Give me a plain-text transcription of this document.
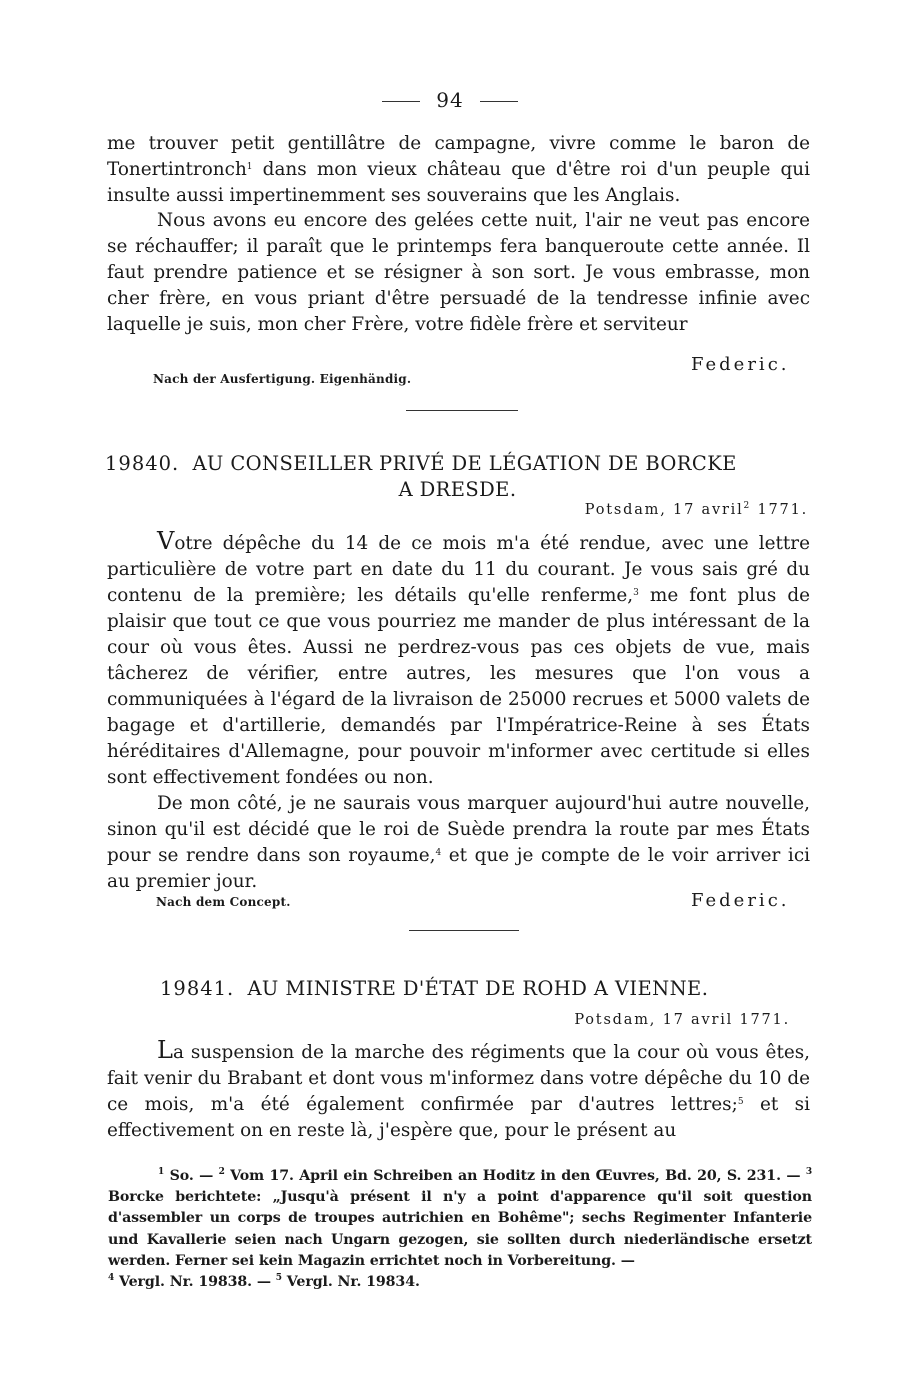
94

me trouver petit gentillâtre de campagne, vivre comme le baron de Tonertintronch$^1$ dans mon vieux château que d'être roi d'un peuple qui insulte aussi impertinemment ses souverains que les Anglais.

Nous avons eu encore des gelées cette nuit, l'air ne veut pas encore se réchauffer; il paraît que le printemps fera banqueroute cette année. Il faut prendre patience et se résigner à son sort. Je vous embrasse, mon cher frère, en vous priant d'être persuadé de la tendresse infinie avec laquelle je suis, mon cher Frère, votre fidèle frère et serviteur

Federic.
Nach der Ausfertigung. Eigenhändig.
19840. AU CONSEILLER PRIVÉ DE LÉGATION DE BORCKE
A DRESDE.
Potsdam, 17 avril$^2$ 1771.

Votre dépêche du 14 de ce mois m'a été rendue, avec une lettre particulière de votre part en date du 11 du courant. Je vous sais gré du contenu de la première; les détails qu'elle renferme,$^3$ me font plus de plaisir que tout ce que vous pourriez me mander de plus intéressant de la cour où vous êtes. Aussi ne perdrez-vous pas ces objets de vue, mais tâcherez de vérifier, entre autres, les mesures que l'on vous a communiquées à l'égard de la livraison de 25000 recrues et 5000 valets de bagage et d'artillerie, demandés par l'Impératrice-Reine à ses États héréditaires d'Allemagne, pour pouvoir m'informer avec certitude si elles sont effectivement fondées ou non.

De mon côté, je ne saurais vous marquer aujourd'hui autre nouvelle, sinon qu'il est décidé que le roi de Suède prendra la route par mes États pour se rendre dans son royaume,$^4$ et que je compte de le voir arriver ici au premier jour.

Nach dem Concept.	Federic.
19841. AU MINISTRE D'ÉTAT DE ROHD A VIENNE.
Potsdam, 17 avril 1771.

La suspension de la marche des régiments que la cour où vous êtes, fait venir du Brabant et dont vous m'informez dans votre dépêche du 10 de ce mois, m'a été également confirmée par d'autres lettres;$^5$ et si effectivement on en reste là, j'espère que, pour le présent au

$^1$ So. — $^2$ Vom 17. April ein Schreiben an Hoditz in den Œuvres, Bd. 20, S. 231. — $^3$ Borcke berichtete: „Jusqu'à présent il n'y a point d'apparence qu'il soit question d'assembler un corps de troupes autrichien en Bohême"; sechs Regimenter Infanterie und Kavallerie seien nach Ungarn gezogen, sie sollten durch niederländische ersetzt werden. Ferner sei kein Magazin errichtet noch in Vorbereitung. —
$^4$ Vergl. Nr. 19838. — $^5$ Vergl. Nr. 19834.
